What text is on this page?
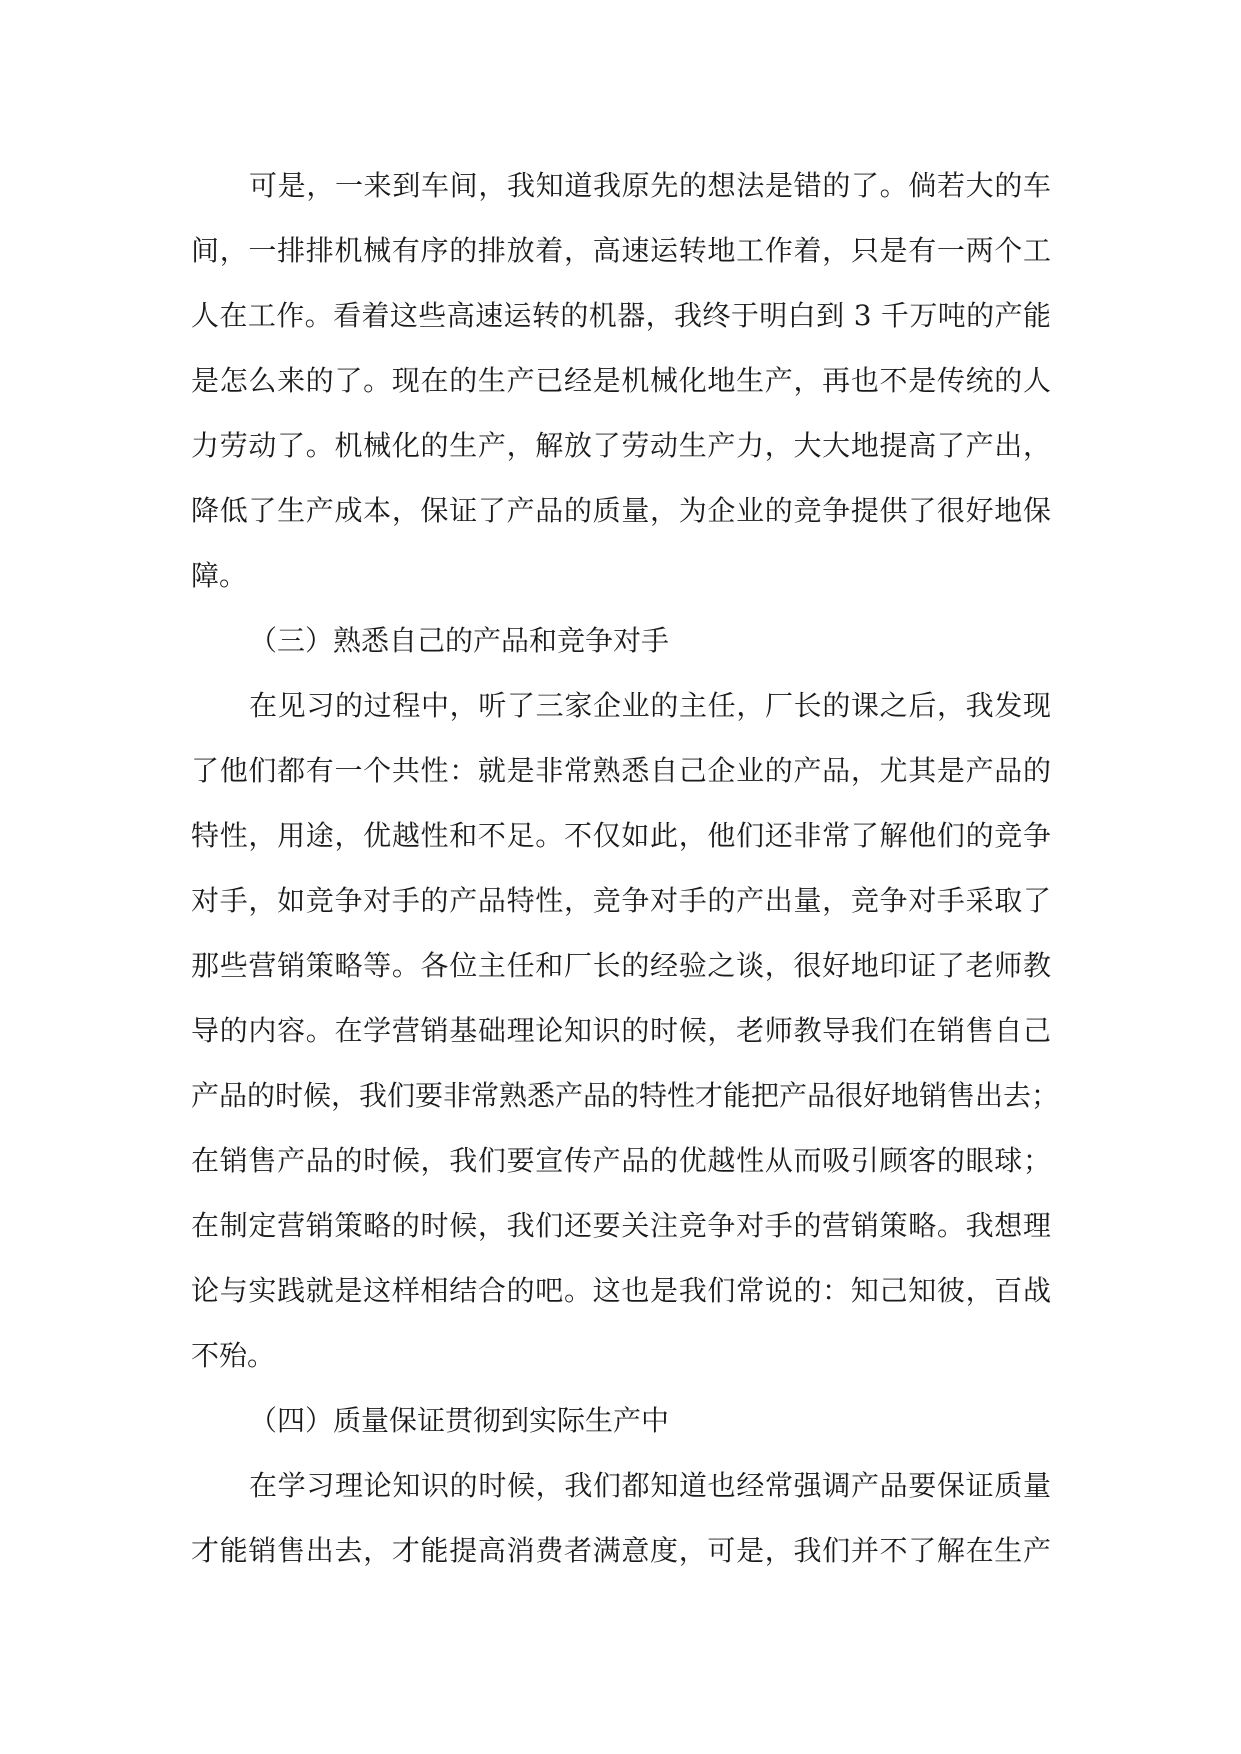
可是，一来到车间，我知道我原先的想法是错的了。倘若大的车
间，一排排机械有序的排放着，高速运转地工作着，只是有一两个工
人在工作。看着这些高速运转的机器，我终于明白到 3 千万吨的产能
是怎么来的了。现在的生产已经是机械化地生产，再也不是传统的人
力劳动了。机械化的生产，解放了劳动生产力，大大地提高了产出，
降低了生产成本，保证了产品的质量，为企业的竞争提供了很好地保
障。
（三）熟悉自己的产品和竞争对手
在见习的过程中，听了三家企业的主任，厂长的课之后，我发现
了他们都有一个共性：就是非常熟悉自己企业的产品，尤其是产品的
特性，用途，优越性和不足。不仅如此，他们还非常了解他们的竞争
对手，如竞争对手的产品特性，竞争对手的产出量，竞争对手采取了
那些营销策略等。各位主任和厂长的经验之谈，很好地印证了老师教
导的内容。在学营销基础理论知识的时候，老师教导我们在销售自己
产品的时候，我们要非常熟悉产品的特性才能把产品很好地销售出去；
在销售产品的时候，我们要宣传产品的优越性从而吸引顾客的眼球；
在制定营销策略的时候，我们还要关注竞争对手的营销策略。我想理
论与实践就是这样相结合的吧。这也是我们常说的：知己知彼，百战
不殆。
（四）质量保证贯彻到实际生产中
在学习理论知识的时候，我们都知道也经常强调产品要保证质量
才能销售出去，才能提高消费者满意度，可是，我们并不了解在生产
